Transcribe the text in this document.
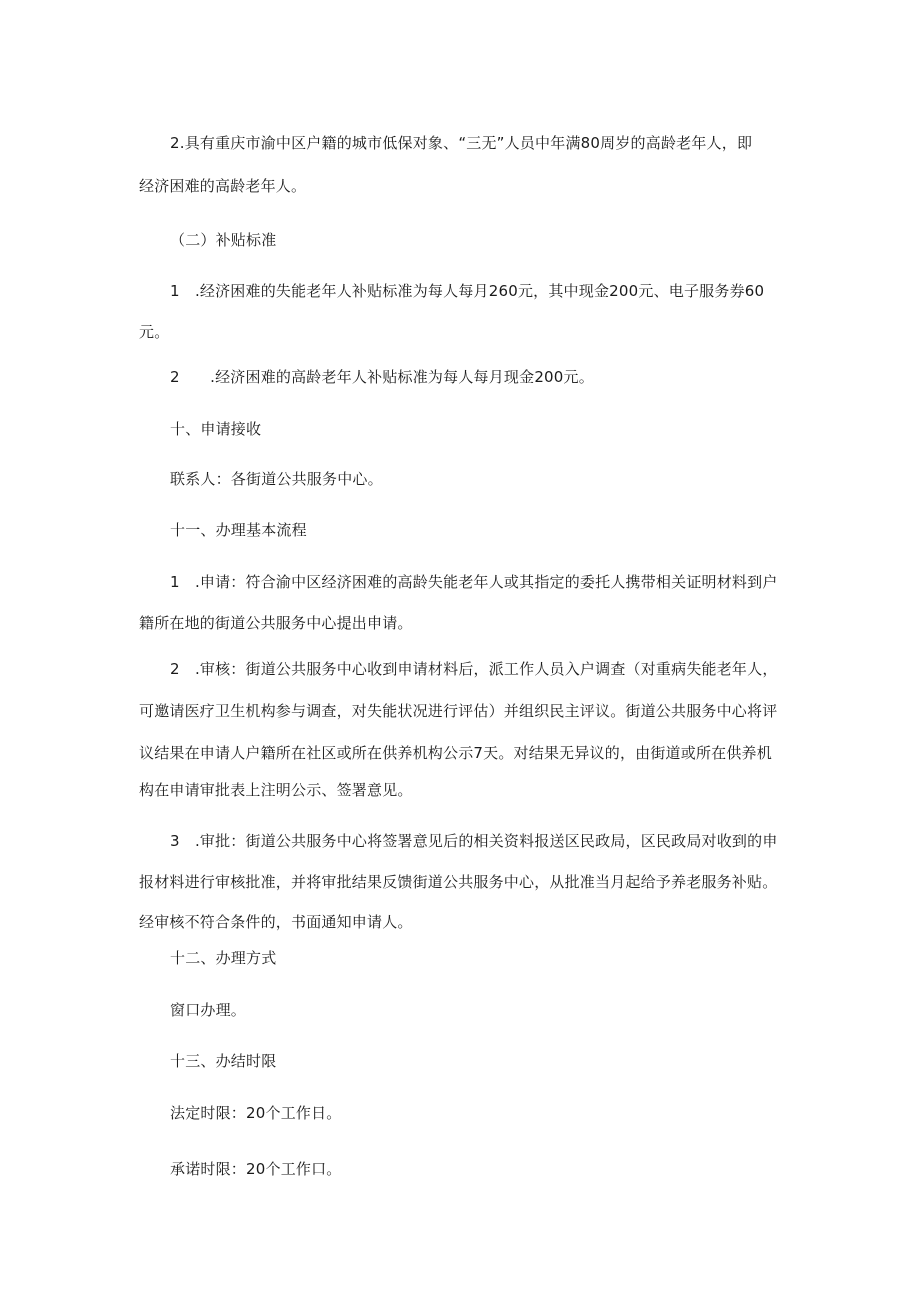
2.具有重庆市渝中区户籍的城市低保对象、“三无”人员中年满80周岁的高龄老年人，即
经济困难的高龄老年人。
（二）补贴标准
1　.经济困难的失能老年人补贴标准为每人每月260元，其中现金200元、电子服务券60
元。
2　　.经济困难的高龄老年人补贴标准为每人每月现金200元。
十、申请接收
联系人：各街道公共服务中心。
十一、办理基本流程
1　.申请：符合渝中区经济困难的高龄失能老年人或其指定的委托人携带相关证明材料到户
籍所在地的街道公共服务中心提出申请。
2　.审核：街道公共服务中心收到申请材料后，派工作人员入户调查（对重病失能老年人，
可邀请医疗卫生机构参与调查，对失能状况进行评估）并组织民主评议。街道公共服务中心将评
议结果在申请人户籍所在社区或所在供养机构公示7天。对结果无异议的，由街道或所在供养机
构在申请审批表上注明公示、签署意见。
3　.审批：街道公共服务中心将签署意见后的相关资料报送区民政局，区民政局对收到的申
报材料进行审核批准，并将审批结果反馈街道公共服务中心，从批准当月起给予养老服务补贴。
经审核不符合条件的，书面通知申请人。
十二、办理方式
窗口办理。
十三、办结时限
法定时限：20个工作日。
承诺时限：20个工作口。
